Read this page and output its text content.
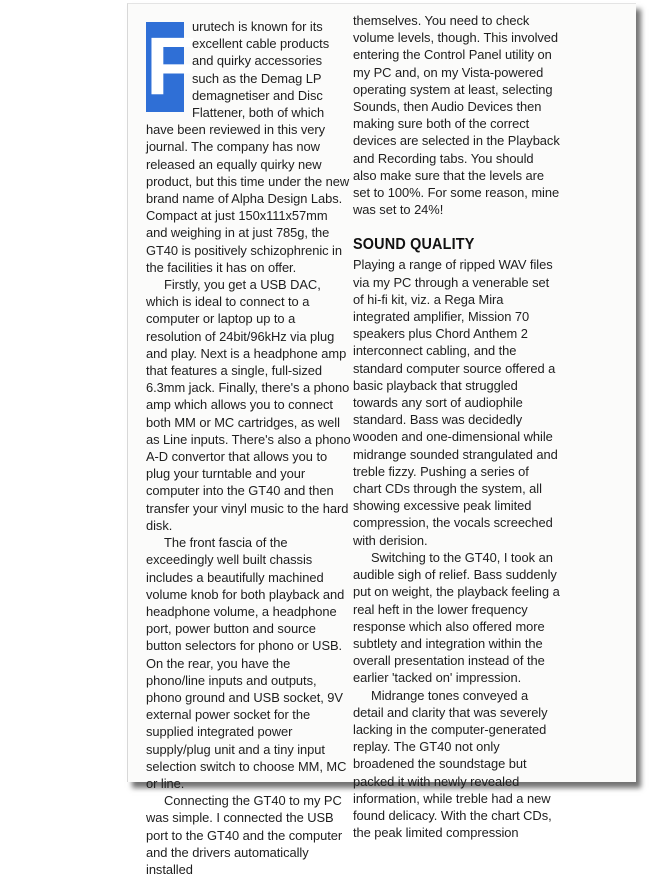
F
urutech is known for its excellent cable products and quirky accessories such as the Demag LP demagnetiser and Disc Flattener, both of which have been reviewed in this very journal. The company has now released an equally quirky new product, but this time under the new brand name of Alpha Design Labs. Compact at just 150x111x57mm and weighing in at just 785g, the GT40 is positively schizophrenic in the facilities it has on offer.

Firstly, you get a USB DAC, which is ideal to connect to a computer or laptop up to a resolution of 24bit/96kHz via plug and play. Next is a headphone amp that features a single, full-sized 6.3mm jack. Finally, there's a phono amp which allows you to connect both MM or MC cartridges, as well as Line inputs. There's also a phono A-D convertor that allows you to plug your turntable and your computer into the GT40 and then transfer your vinyl music to the hard disk.

The front fascia of the exceedingly well built chassis includes a beautifully machined volume knob for both playback and headphone volume, a headphone port, power button and source button selectors for phono or USB. On the rear, you have the phono/line inputs and outputs, phono ground and USB socket, 9V external power socket for the supplied integrated power supply/plug unit and a tiny input selection switch to choose MM, MC or line.

Connecting the GT40 to my PC was simple. I connected the USB port to the GT40 and the computer and the drivers automatically installed

themselves. You need to check volume levels, though. This involved entering the Control Panel utility on my PC and, on my Vista-powered operating system at least, selecting Sounds, then Audio Devices then making sure both of the correct devices are selected in the Playback and Recording tabs. You should also make sure that the levels are set to 100%. For some reason, mine was set to 24%!

SOUND QUALITY

Playing a range of ripped WAV files via my PC through a venerable set of hi-fi kit, viz. a Rega Mira integrated amplifier, Mission 70 speakers plus Chord Anthem 2 interconnect cabling, and the standard computer source offered a basic playback that struggled towards any sort of audiophile standard. Bass was decidedly wooden and one-dimensional while midrange sounded strangulated and treble fizzy. Pushing a series of chart CDs through the system, all showing excessive peak limited compression, the vocals screeched with derision.

Switching to the GT40, I took an audible sigh of relief. Bass suddenly put on weight, the playback feeling a real heft in the lower frequency response which also offered more subtlety and integration within the overall presentation instead of the earlier 'tacked on' impression.

Midrange tones conveyed a detail and clarity that was severely lacking in the computer-generated replay. The GT40 not only broadened the soundstage but packed it with newly revealed information, while treble had a new found delicacy. With the chart CDs, the peak limited compression
